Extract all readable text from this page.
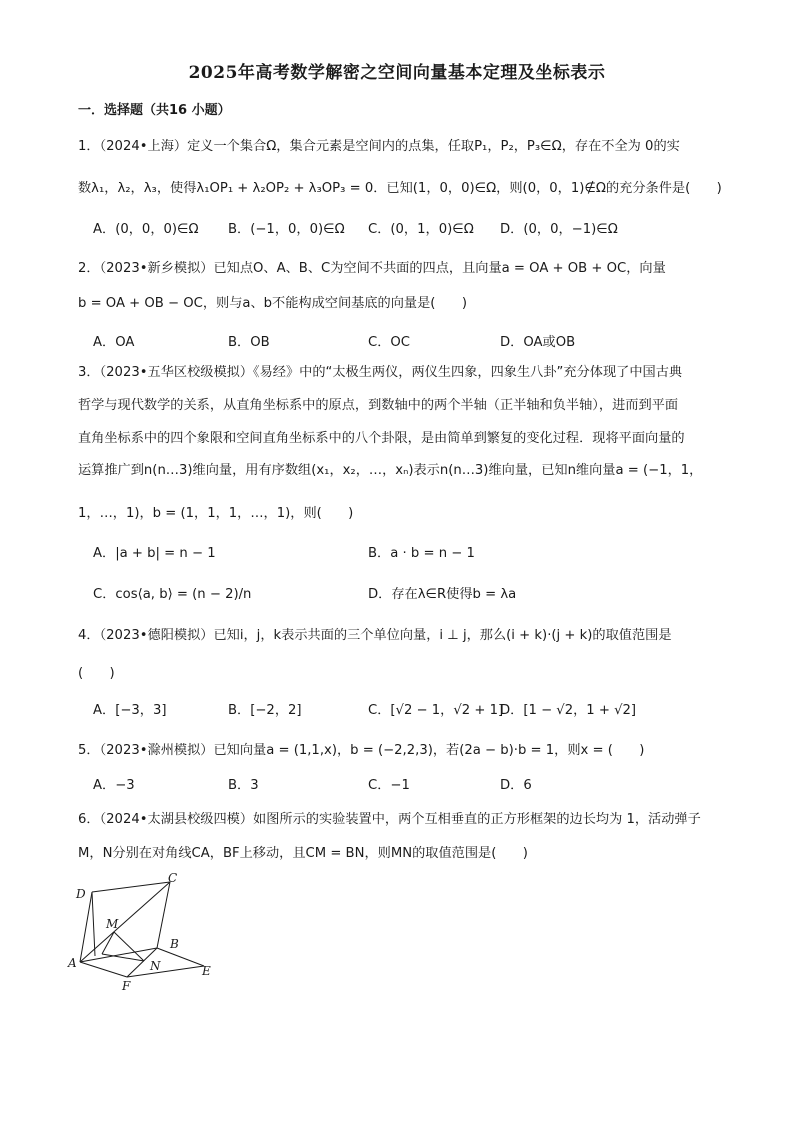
2025年高考数学解密之空间向量基本定理及坐标表示
一．选择题（共16 小题）
1．（2024•上海）定义一个集合Ω，集合元素是空间内的点集，任取P₁，P₂，P₃∈Ω，存在不全为 0的实
数λ₁，λ₂，λ₃，使得λ₁OP₁ + λ₂OP₂ + λ₃OP₃ = 0．已知(1，0，0)∈Ω，则(0，0，1)∉Ω的充分条件是(　　)
A．(0，0，0)∈Ω B．(−1，0，0)∈Ω C．(0，1，0)∈Ω D．(0，0，−1)∈Ω
2．（2023•新乡模拟）已知点O、A、B、C为空间不共面的四点，且向量a = OA + OB + OC，向量
b = OA + OB − OC，则与a、b不能构成空间基底的向量是(　　)
A．OA	B．OB	C．OC	D．OA或OB
3．（2023•五华区校级模拟）《易经》中的“太极生两仪，两仪生四象，四象生八卦”充分体现了中国古典
哲学与现代数学的关系，从直角坐标系中的原点，到数轴中的两个半轴（正半轴和负半轴），进而到平面
直角坐标系中的四个象限和空间直角坐标系中的八个卦限，是由简单到繁复的变化过程．现将平面向量的
运算推广到n(n…3)维向量，用有序数组(x₁，x₂，…，xₙ)表示n(n…3)维向量，已知n维向量a = (−1，1，
1，…，1)，b = (1，1，1，…，1)，则(　　)
A．|a + b| = n − 1	B．a · b = n − 1
C．cos⟨a, b⟩ = (n − 2)/n	D．存在λ∈R使得b = λa
4．（2023•德阳模拟）已知i，j，k表示共面的三个单位向量，i ⊥ j，那么(i + k)·(j + k)的取值范围是
(　　)
A．[−3，3]	B．[−2，2]	C．[√2 − 1，√2 + 1]
D．[1 − √2，1 + √2]
5．（2023•滁州模拟）已知向量a = (1,1,x)，b = (−2,2,3)，若(2a − b)·b = 1，则x = (　　)
A．−3	B．3	C．−1	D．6
6．（2024•太湖县校级四模）如图所示的实验装置中，两个互相垂直的正方形框架的边长均为 1，活动弹子
M，N分别在对角线CA，BF上移动，且CM = BN，则MN的取值范围是(　　)
D
C
M
B
A	N	E
F
